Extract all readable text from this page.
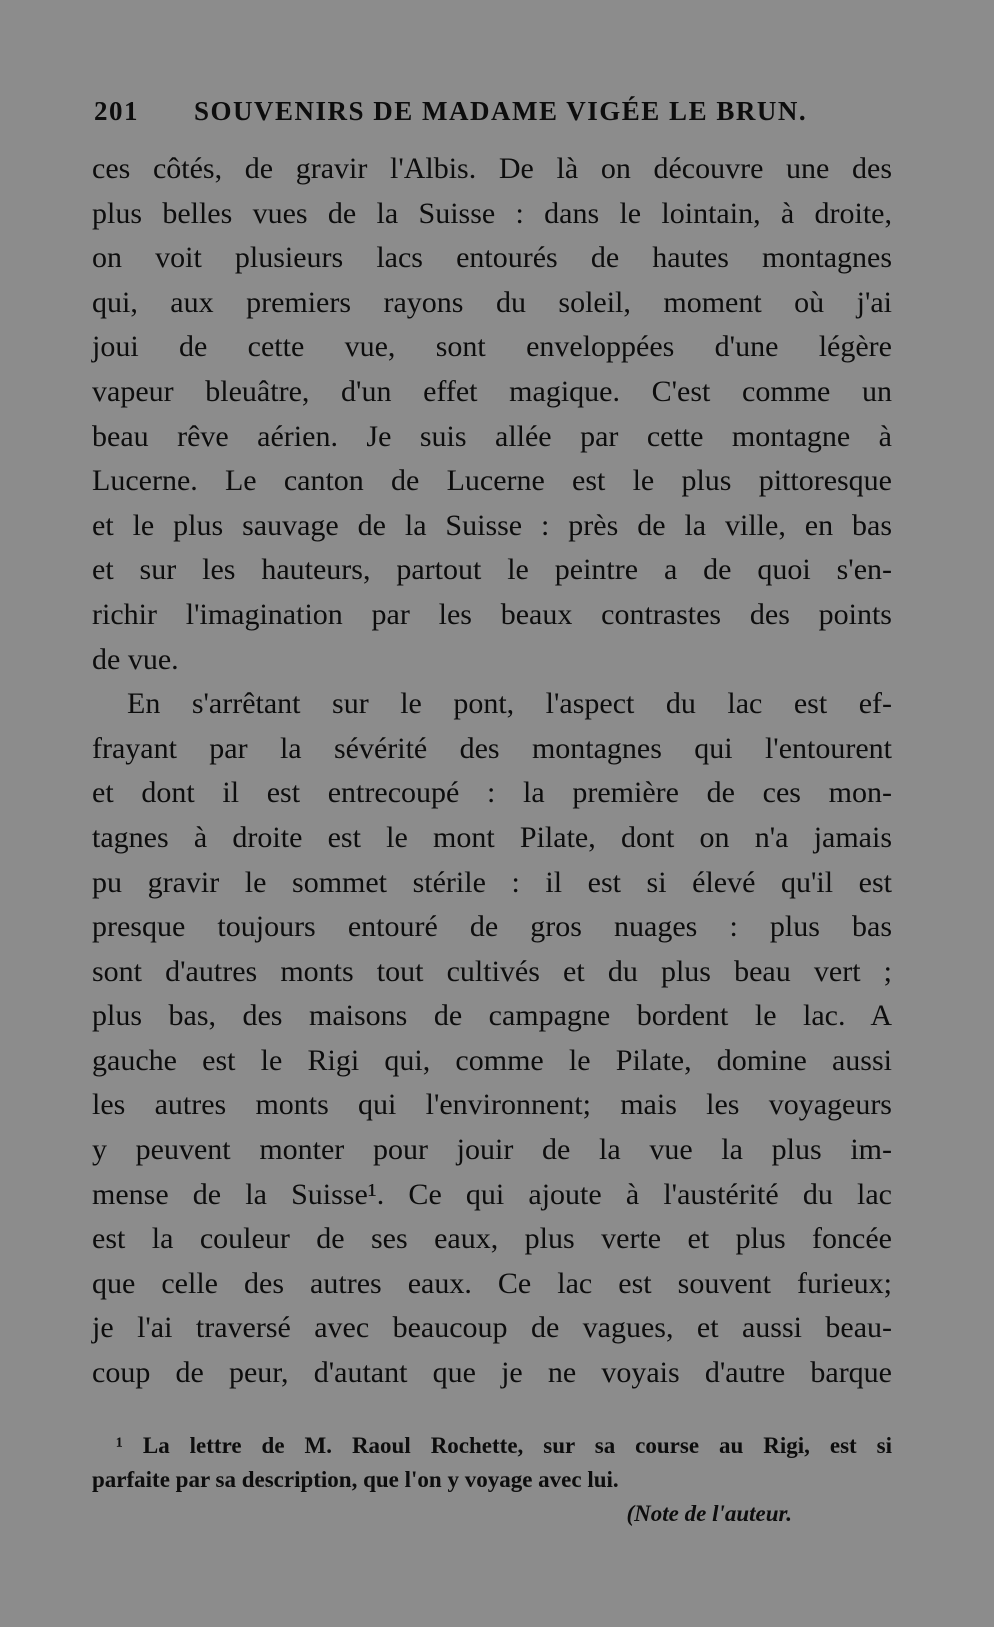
201 SOUVENIRS DE MADAME VIGÉE LE BRUN.
ces côtés, de gravir l'Albis. De là on découvre une des
plus belles vues de la Suisse : dans le lointain, à droite,
on voit plusieurs lacs entourés de hautes montagnes
qui, aux premiers rayons du soleil, moment où j'ai
joui de cette vue, sont enveloppées d'une légère
vapeur bleuâtre, d'un effet magique. C'est comme un
beau rêve aérien. Je suis allée par cette montagne à
Lucerne. Le canton de Lucerne est le plus pittoresque
et le plus sauvage de la Suisse : près de la ville, en bas
et sur les hauteurs, partout le peintre a de quoi s'en-
richir l'imagination par les beaux contrastes des points
de vue.
En s'arrêtant sur le pont, l'aspect du lac est ef-
frayant par la sévérité des montagnes qui l'entourent
et dont il est entrecoupé : la première de ces mon-
tagnes à droite est le mont Pilate, dont on n'a jamais
pu gravir le sommet stérile : il est si élevé qu'il est
presque toujours entouré de gros nuages : plus bas
sont d'autres monts tout cultivés et du plus beau vert ;
plus bas, des maisons de campagne bordent le lac. A
gauche est le Rigi qui, comme le Pilate, domine aussi
les autres monts qui l'environnent; mais les voyageurs
y peuvent monter pour jouir de la vue la plus im-
mense de la Suisse¹. Ce qui ajoute à l'austérité du lac
est la couleur de ses eaux, plus verte et plus foncée
que celle des autres eaux. Ce lac est souvent furieux;
je l'ai traversé avec beaucoup de vagues, et aussi beau-
coup de peur, d'autant que je ne voyais d'autre barque
¹ La lettre de M. Raoul Rochette, sur sa course au Rigi, est si
parfaite par sa description, que l'on y voyage avec lui.
(Note de l'auteur.
